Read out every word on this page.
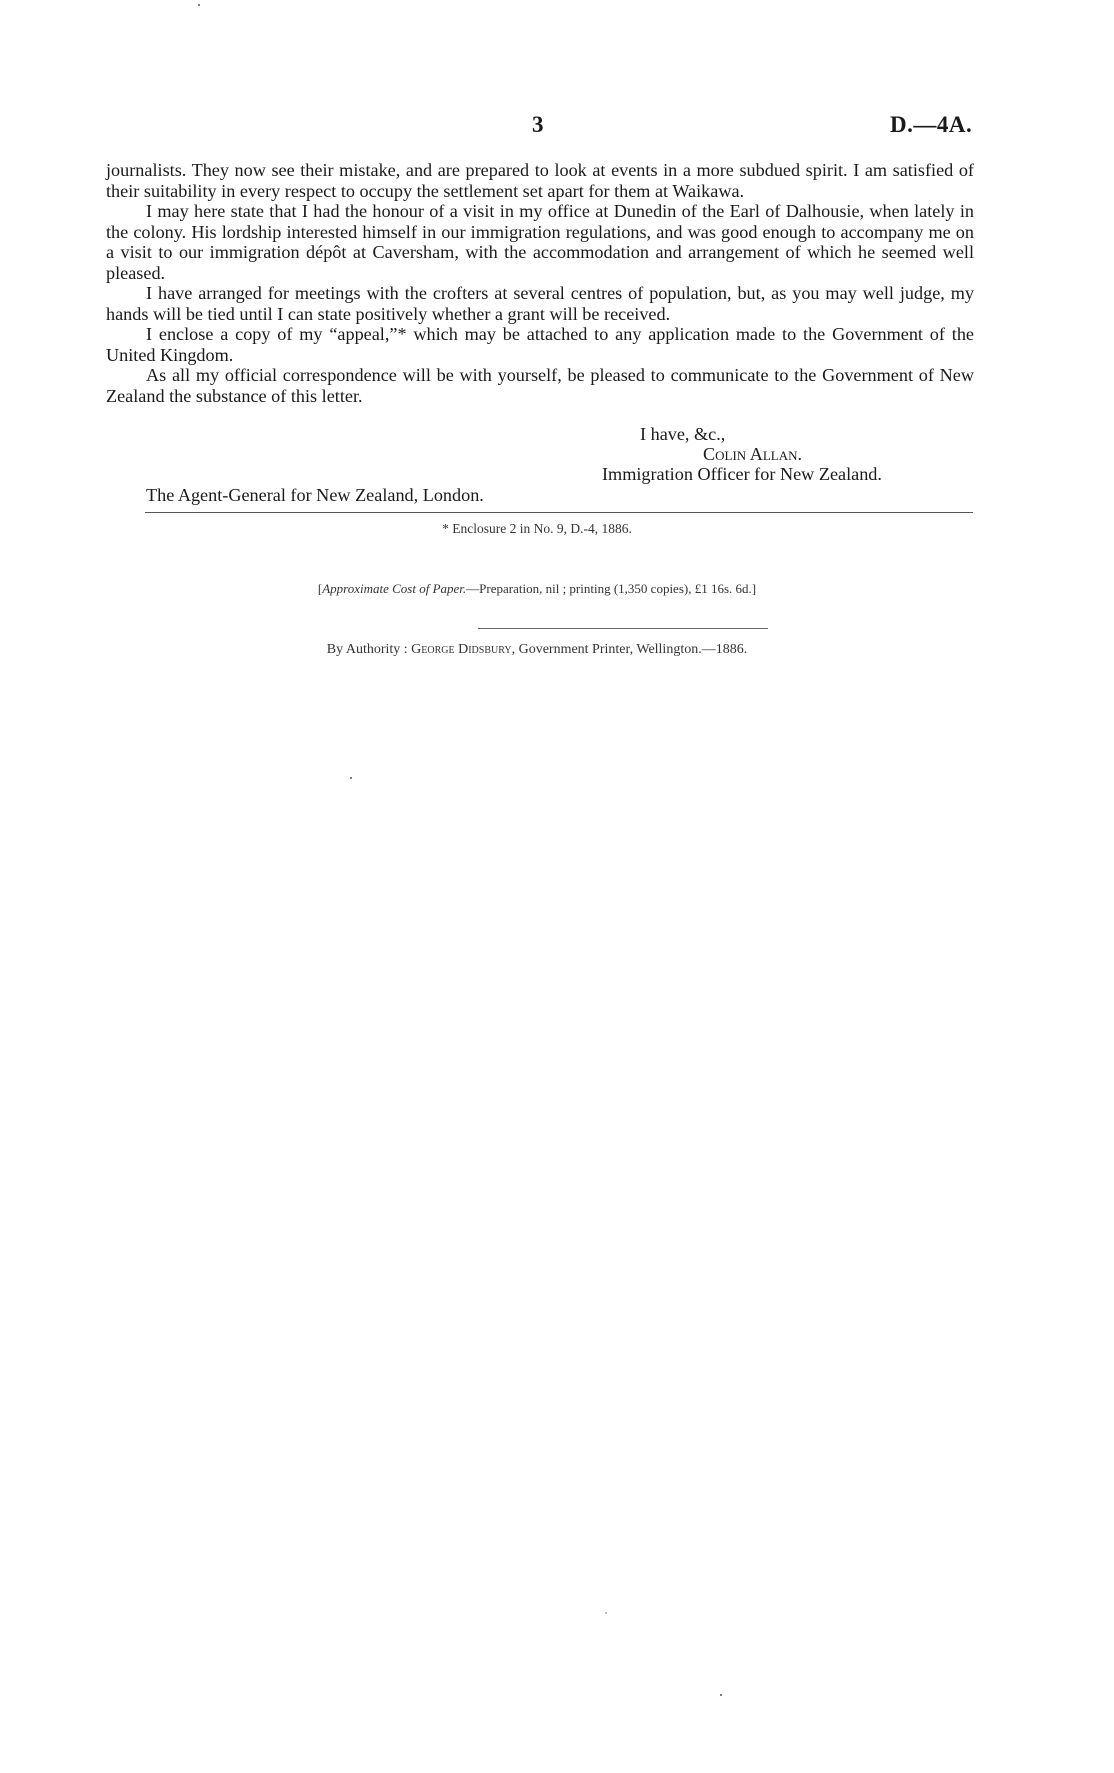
3	D.—4A.

journalists. They now see their mistake, and are prepared to look at events in a more subdued spirit. I am satisfied of their suitability in every respect to occupy the settlement set apart for them at Waikawa.

I may here state that I had the honour of a visit in my office at Dunedin of the Earl of Dalhousie, when lately in the colony. His lordship interested himself in our immigration regulations, and was good enough to accompany me on a visit to our immigration dépôt at Caversham, with the accommodation and arrangement of which he seemed well pleased.

I have arranged for meetings with the crofters at several centres of population, but, as you may well judge, my hands will be tied until I can state positively whether a grant will be received.

I enclose a copy of my “appeal,”* which may be attached to any application made to the Government of the United Kingdom.

As all my official correspondence will be with yourself, be pleased to communicate to the Government of New Zealand the substance of this letter.

I have, &c.,
Colin Allan.
Immigration Officer for New Zealand.
The Agent-General for New Zealand, London.
* Enclosure 2 in No. 9, D.-4, 1886.
[Approximate Cost of Paper.—Preparation, nil ; printing (1,350 copies), £1 16s. 6d.]
By Authority : George Didsbury, Government Printer, Wellington.—1886.
